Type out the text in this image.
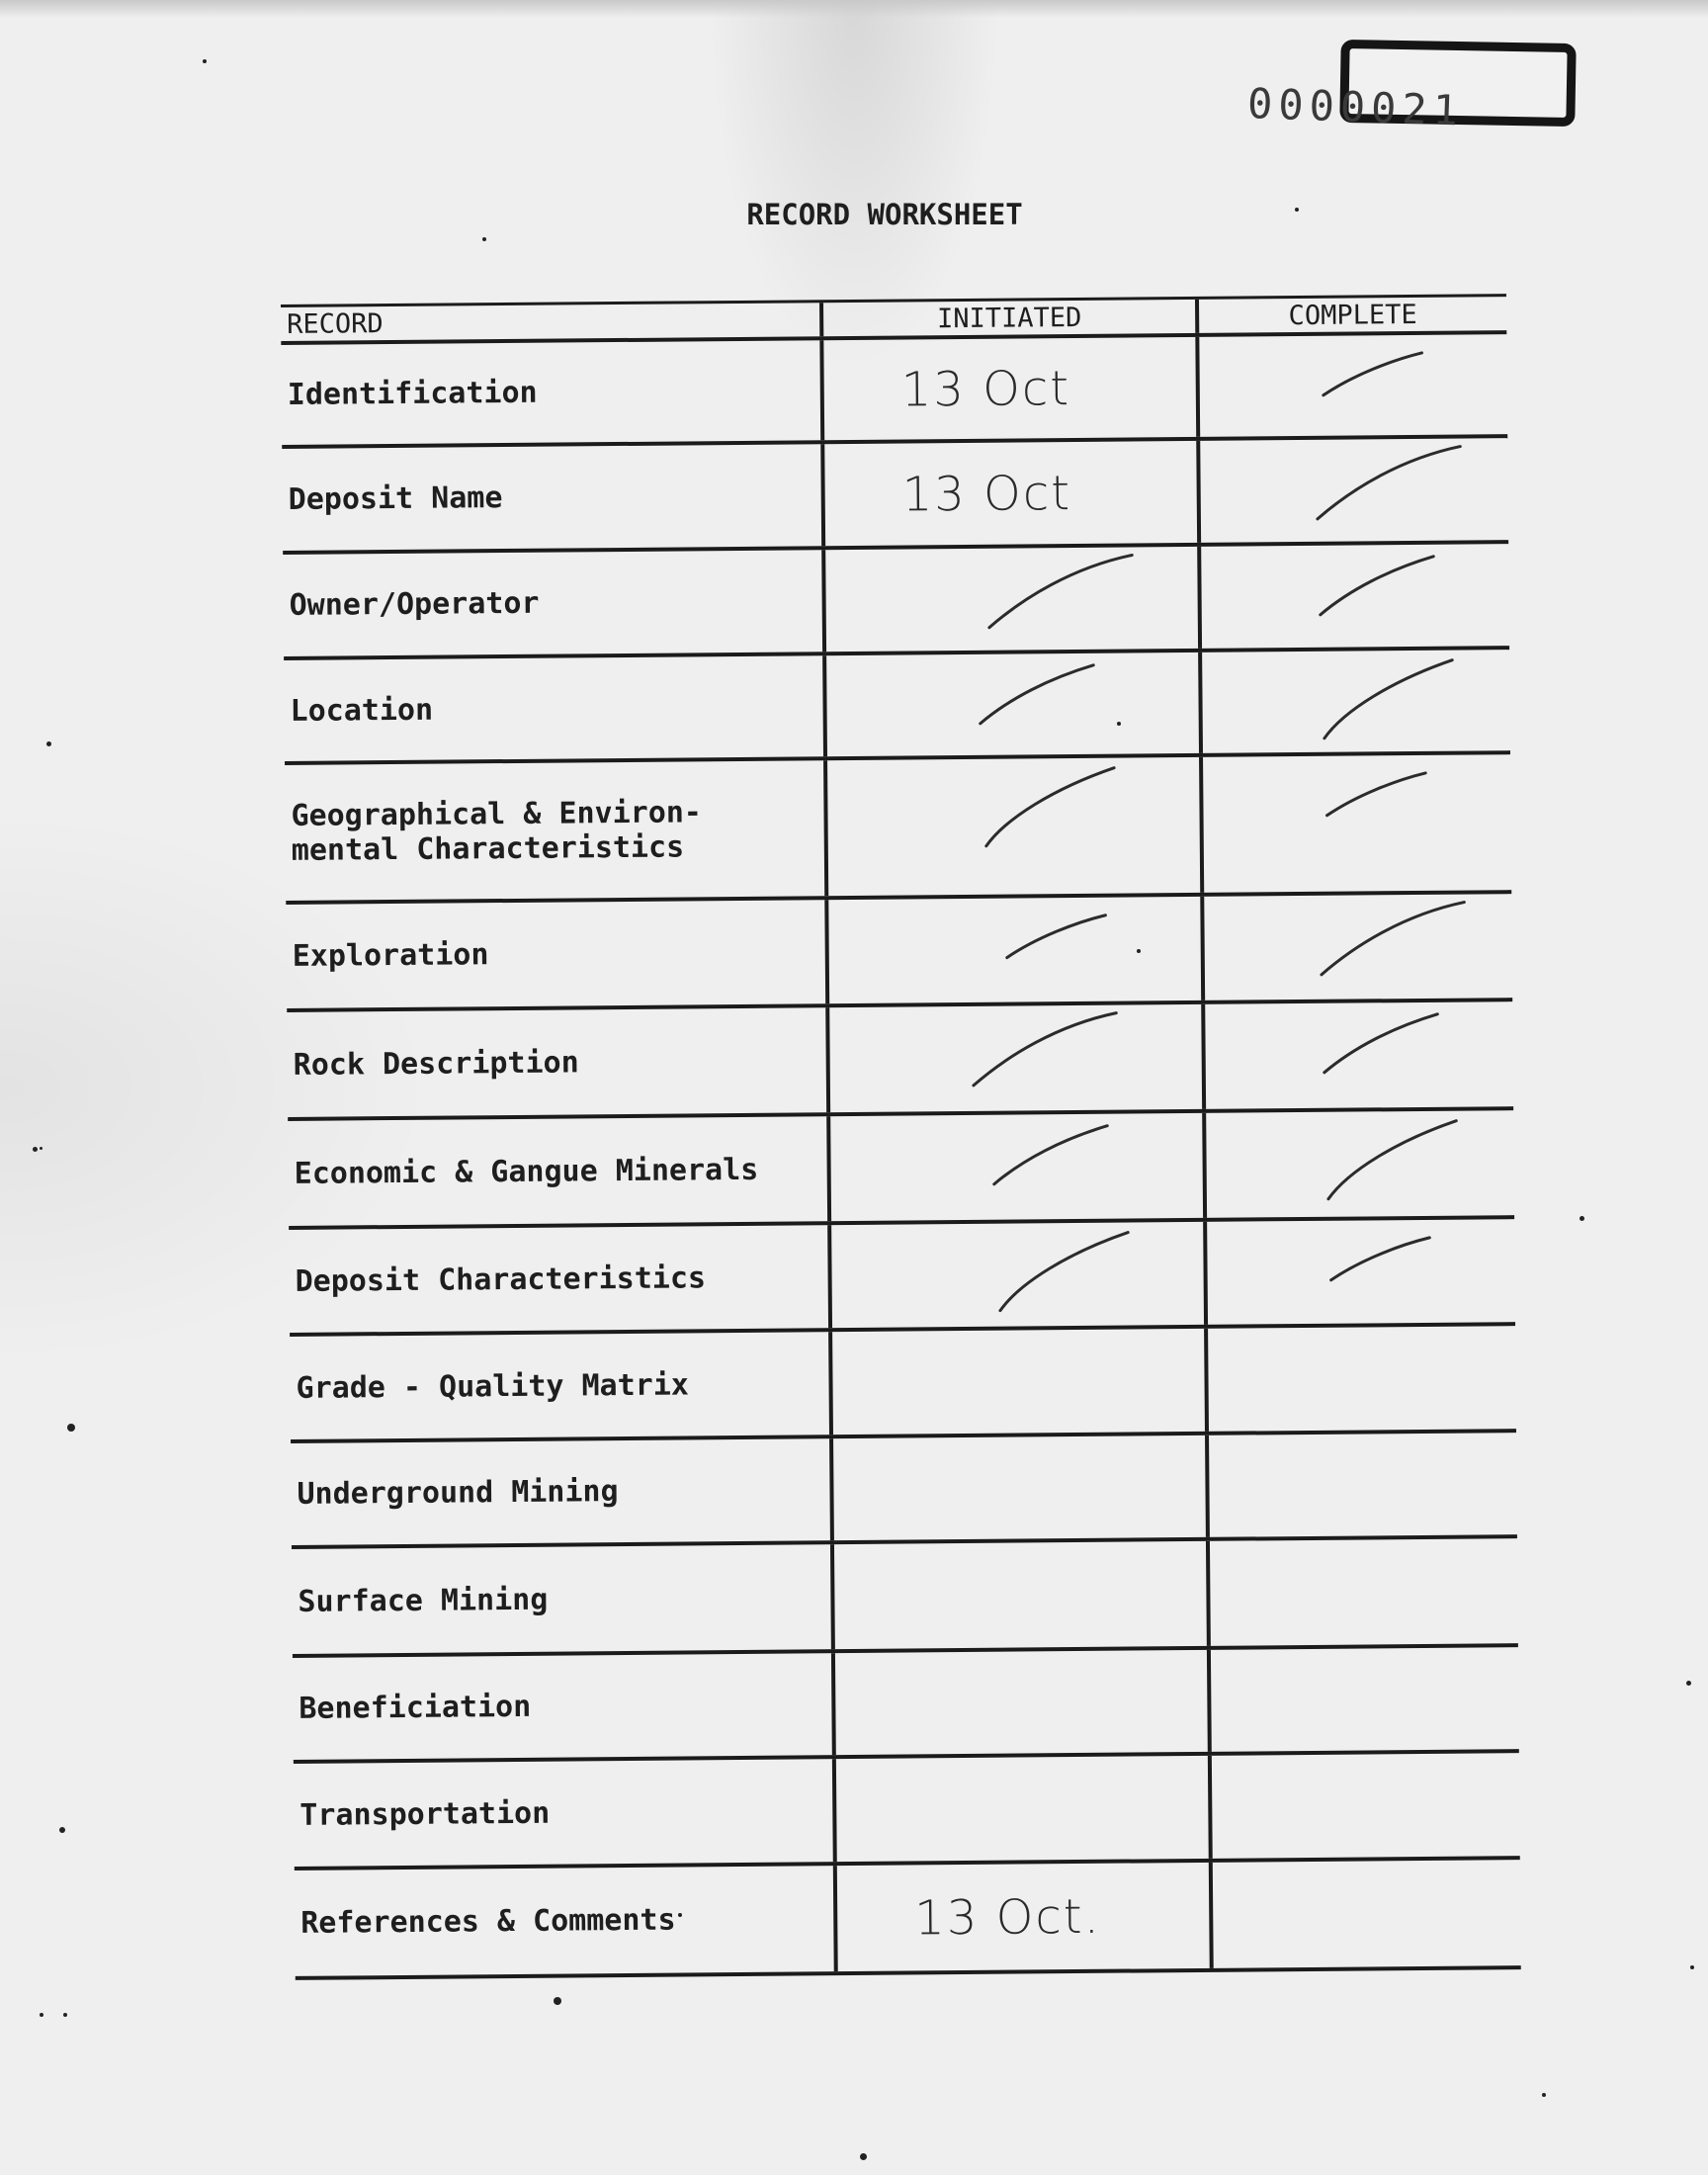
0000021
RECORD WORKSHEET
RECORD	INITIATED	COMPLETE
Identification	13 Oct
Deposit Name	13 Oct
Owner/Operator
Location
Geographical & Environ-
mental Characteristics
Exploration
Rock Description
Economic & Gangue Minerals
Deposit Characteristics
Grade - Quality Matrix
Underground Mining
Surface Mining
Beneficiation
Transportation
References & Comments	13 Oct.
